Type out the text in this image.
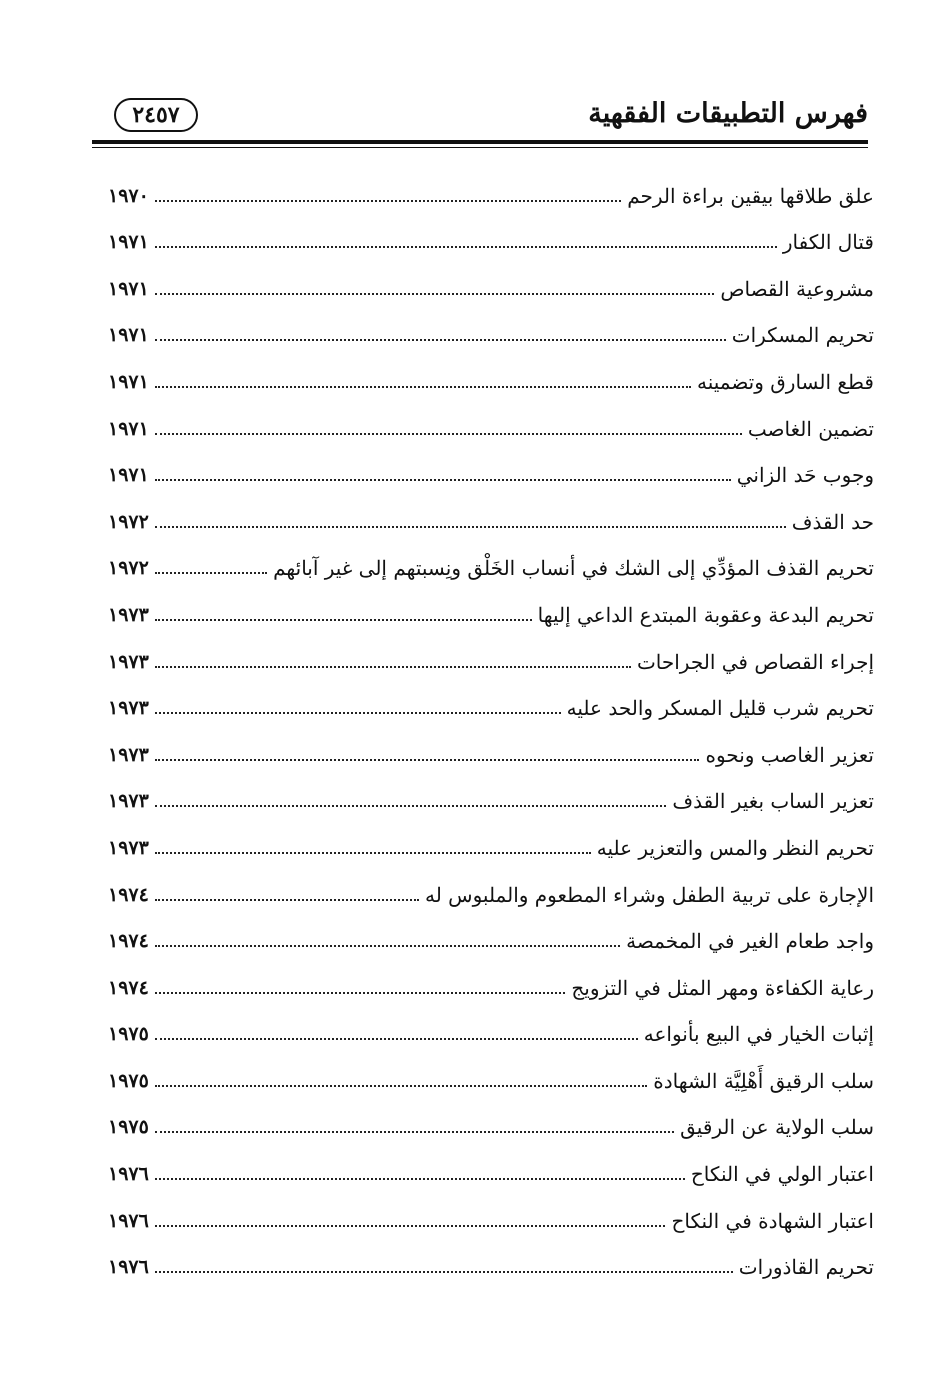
فهرس التطبيقات الفقهية
٢٤٥٧
علق طلاقها بيقين براءة الرحم
١٩٧٠
قتال الكفار
١٩٧١
مشروعية القصاص
١٩٧١
تحريم المسكرات
١٩٧١
قطع السارق وتضمينه
١٩٧١
تضمين الغاصب
١٩٧١
وجوب حَد الزاني
١٩٧١
حد القذف
١٩٧٢
تحريم القذف المؤدِّي إلى الشك في أنساب الخَلْق ونِسبتهم إلى غير آبائهم
١٩٧٢
تحريم البدعة وعقوبة المبتدع الداعي إليها
١٩٧٣
إجراء القصاص في الجراحات
١٩٧٣
تحريم شرب قليل المسكر والحد عليه
١٩٧٣
تعزير الغاصب ونحوه
١٩٧٣
تعزير الساب بغير القذف
١٩٧٣
تحريم النظر والمس والتعزير عليه
١٩٧٣
الإجارة على تربية الطفل وشراء المطعوم والملبوس له
١٩٧٤
واجد طعام الغير في المخمصة
١٩٧٤
رعاية الكفاءة ومهر المثل في التزويج
١٩٧٤
إثبات الخيار في البيع بأنواعه
١٩٧٥
سلب الرقيق أَهْلِيَّة الشهادة
١٩٧٥
سلب الولاية عن الرقيق
١٩٧٥
اعتبار الولي في النكاح
١٩٧٦
اعتبار الشهادة في النكاح
١٩٧٦
تحريم القاذورات
١٩٧٦
